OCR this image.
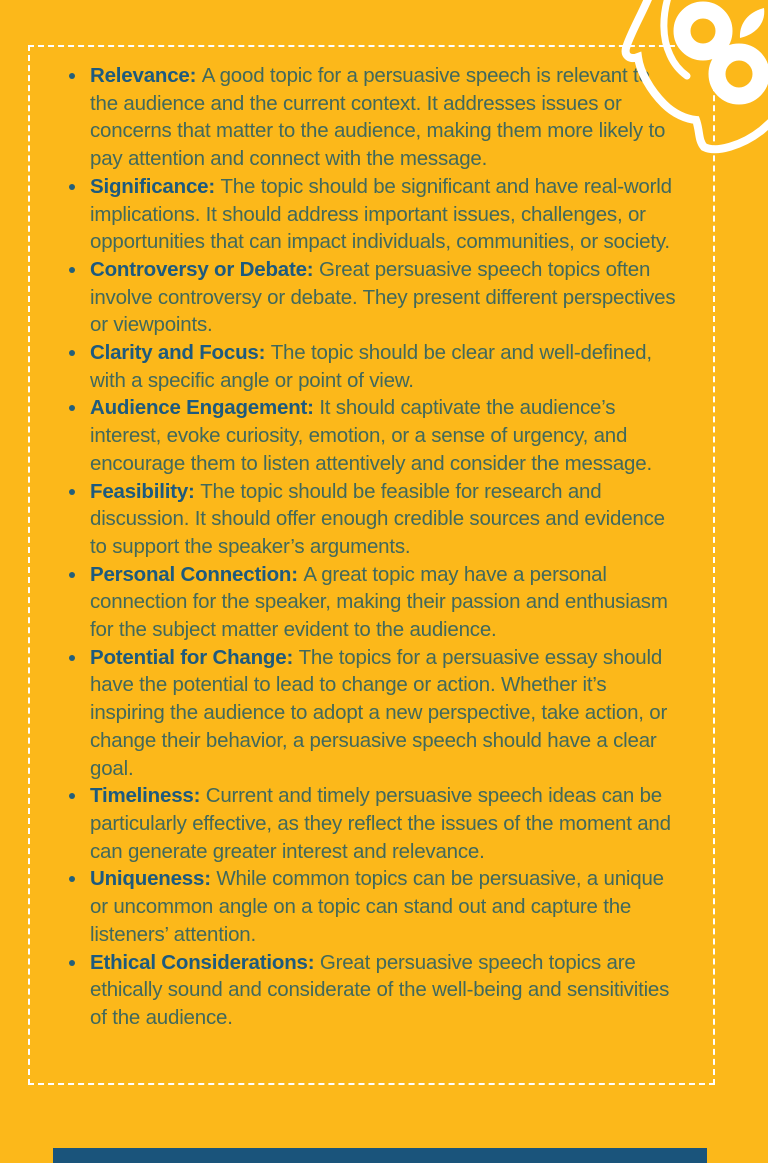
Relevance: A good topic for a persuasive speech is relevant to the audience and the current context. It addresses issues or concerns that matter to the audience, making them more likely to pay attention and connect with the message.
Significance: The topic should be significant and have real-world implications. It should address important issues, challenges, or opportunities that can impact individuals, communities, or society.
Controversy or Debate: Great persuasive speech topics often involve controversy or debate. They present different perspectives or viewpoints.
Clarity and Focus: The topic should be clear and well-defined, with a specific angle or point of view.
Audience Engagement: It should captivate the audience’s interest, evoke curiosity, emotion, or a sense of urgency, and encourage them to listen attentively and consider the message.
Feasibility: The topic should be feasible for research and discussion. It should offer enough credible sources and evidence to support the speaker’s arguments.
Personal Connection: A great topic may have a personal connection for the speaker, making their passion and enthusiasm for the subject matter evident to the audience.
Potential for Change: The topics for a persuasive essay should have the potential to lead to change or action. Whether it’s inspiring the audience to adopt a new perspective, take action, or change their behavior, a persuasive speech should have a clear goal.
Timeliness: Current and timely persuasive speech ideas can be particularly effective, as they reflect the issues of the moment and can generate greater interest and relevance.
Uniqueness: While common topics can be persuasive, a unique or uncommon angle on a topic can stand out and capture the listeners’ attention.
Ethical Considerations: Great persuasive speech topics are ethically sound and considerate of the well-being and sensitivities of the audience.
